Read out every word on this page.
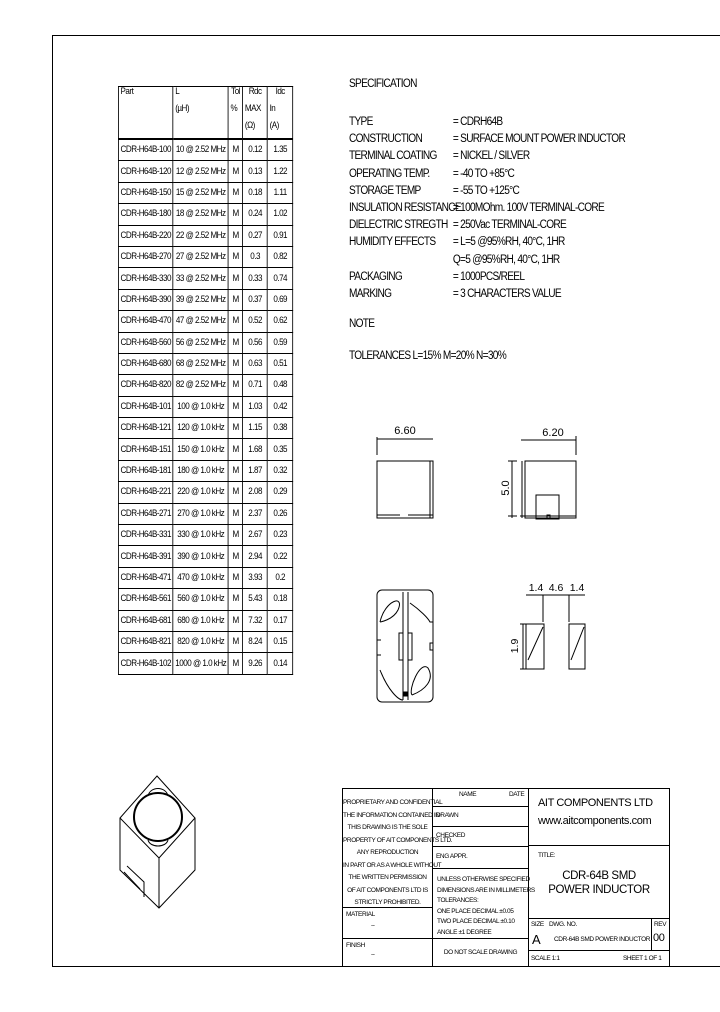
Part	L	Tol	Rdc	Idc
	(µH)	%	MAX	In
			(Ω)	(A)
CDR-H64B-100	10 @ 2.52 MHz	M	0.12	1.35
CDR-H64B-120	12 @ 2.52 MHz	M	0.13	1.22
CDR-H64B-150	15 @ 2.52 MHz	M	0.18	1.11
CDR-H64B-180	18 @ 2.52 MHz	M	0.24	1.02
CDR-H64B-220	22 @ 2.52 MHz	M	0.27	0.91
CDR-H64B-270	27 @ 2.52 MHz	M	0.3	0.82
CDR-H64B-330	33 @ 2.52 MHz	M	0.33	0.74
CDR-H64B-390	39 @ 2.52 MHz	M	0.37	0.69
CDR-H64B-470	47 @ 2.52 MHz	M	0.52	0.62
CDR-H64B-560	56 @ 2.52 MHz	M	0.56	0.59
CDR-H64B-680	68 @ 2.52 MHz	M	0.63	0.51
CDR-H64B-820	82 @ 2.52 MHz	M	0.71	0.48
CDR-H64B-101	100 @ 1.0 kHz	M	1.03	0.42
CDR-H64B-121	120 @ 1.0 kHz	M	1.15	0.38
CDR-H64B-151	150 @ 1.0 kHz	M	1.68	0.35
CDR-H64B-181	180 @ 1.0 kHz	M	1.87	0.32
CDR-H64B-221	220 @ 1.0 kHz	M	2.08	0.29
CDR-H64B-271	270 @ 1.0 kHz	M	2.37	0.26
CDR-H64B-331	330 @ 1.0 kHz	M	2.67	0.23
CDR-H64B-391	390 @ 1.0 kHz	M	2.94	0.22
CDR-H64B-471	470 @ 1.0 kHz	M	3.93	0.2
CDR-H64B-561	560 @ 1.0 kHz	M	5.43	0.18
CDR-H64B-681	680 @ 1.0 kHz	M	7.32	0.17
CDR-H64B-821	820 @ 1.0 kHz	M	8.24	0.15
CDR-H64B-102	1000 @ 1.0 kHz	M	9.26	0.14
SPECIFICATION
TYPE	= CDRH64B
CONSTRUCTION	= SURFACE MOUNT POWER INDUCTOR
TERMINAL COATING = NICKEL / SILVER
OPERATING TEMP. = -40 TO +85°C
STORAGE TEMP	= -55 TO +125°C
INSULATION RESISTANCE
= 100MOhm. 100V TERMINAL-CORE
DIELECTRIC STREGTH = 250Vac TERMINAL-CORE
HUMIDITY EFFECTS = L=5 @95%RH, 40°C, 1HR
Q=5 @95%RH, 40°C, 1HR
PACKAGING	= 1000PCS/REEL
MARKING	= 3 CHARACTERS VALUE
NOTE
TOLERANCES L=15% M=20% N=30%
6.60	6.20
5.0
1.4 4.6 1.4
1.9
PROPRIETARY AND CONFIDENTIAL
THE INFORMATION CONTAINED IN
THIS DRAWING IS THE SOLE
PROPERTY OF AIT COMPONENTS LTD.
ANY REPRODUCTION
IN PART OR AS A WHOLE WITHOUT
THE WRITTEN PERMISSION
OF AIT COMPONENTS LTD IS
STRICTLY PROHIBITED.
MATERIAL
--
FINISH
--
NAME	DATE
DRAWN
CHECKED
ENG APPR.
UNLESS OTHERWISE SPECIFIED
DIMENSIONS ARE IN MILLIMETERS
TOLERANCES:
ONE PLACE DECIMAL ±0.05
TWO PLACE DECIMAL ±0.10
ANGLE ±1 DEGREE
DO NOT SCALE DRAWING
AIT COMPONENTS LTD
www.aitcomponents.com
TITLE:
CDR-64B SMD
POWER INDUCTOR
SIZE DWG. NO.
A CDR-64B SMD POWER INDUCTOR
REV
00
SCALE 1:1	SHEET 1 OF 1
